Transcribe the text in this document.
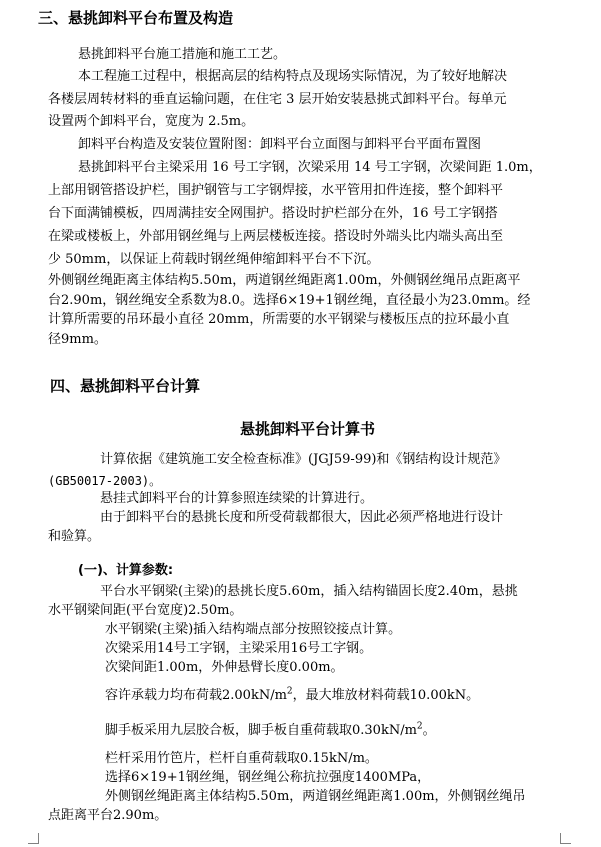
三、悬挑卸料平台布置及构造
悬挑卸料平台施工措施和施工工艺。
本工程施工过程中，根据高层的结构特点及现场实际情况，为了较好地解决
各楼层周转材料的垂直运输问题，在住宅 3 层开始安装悬挑式卸料平台。每单元
设置两个卸料平台，宽度为 2.5m。
卸料平台构造及安装位置附图：卸料平台立面图与卸料平台平面布置图
悬挑卸料平台主梁采用 16 号工字钢，次梁采用 14 号工字钢，次梁间距 1.0m，
上部用钢管搭设护栏，围护钢管与工字钢焊接，水平管用扣件连接，整个卸料平
台下面满铺模板，四周满挂安全网围护。搭设时护栏部分在外，16 号工字钢搭
在梁或楼板上，外部用钢丝绳与上两层楼板连接。搭设时外端头比内端头高出至
少 50mm，以保证上荷载时钢丝绳伸缩卸料平台不下沉。
外侧钢丝绳距离主体结构5.50m，两道钢丝绳距离1.00m，外侧钢丝绳吊点距离平
台2.90m，钢丝绳安全系数为8.0。选择6×19+1钢丝绳，直径最小为23.0mm。经
计算所需要的吊环最小直径 20mm，所需要的水平钢梁与楼板压点的拉环最小直
径9mm。
四、悬挑卸料平台计算
悬挑卸料平台计算书
计算依据《建筑施工安全检查标准》(JGJ59-99)和《钢结构设计规范》
(GB50017-2003)。
悬挂式卸料平台的计算参照连续梁的计算进行。
由于卸料平台的悬挑长度和所受荷载都很大，因此必须严格地进行设计
和验算。
(一)、计算参数:
平台水平钢梁(主梁)的悬挑长度5.60m，插入结构锚固长度2.40m，悬挑
水平钢梁间距(平台宽度)2.50m。
水平钢梁(主梁)插入结构端点部分按照铰接点计算。
次梁采用14号工字钢，主梁采用16号工字钢。
次梁间距1.00m，外伸悬臂长度0.00m。
容许承载力均布荷载$2.00kN/m^2$，最大堆放材料荷载10.00kN。
脚手板采用九层胶合板，脚手板自重荷载取$0.30kN/m^2$。
栏杆采用竹笆片，栏杆自重荷载取0.15kN/m。
选择6×19+1钢丝绳，钢丝绳公称抗拉强度1400MPa，
外侧钢丝绳距离主体结构5.50m，两道钢丝绳距离1.00m，外侧钢丝绳吊
点距离平台2.90m。
